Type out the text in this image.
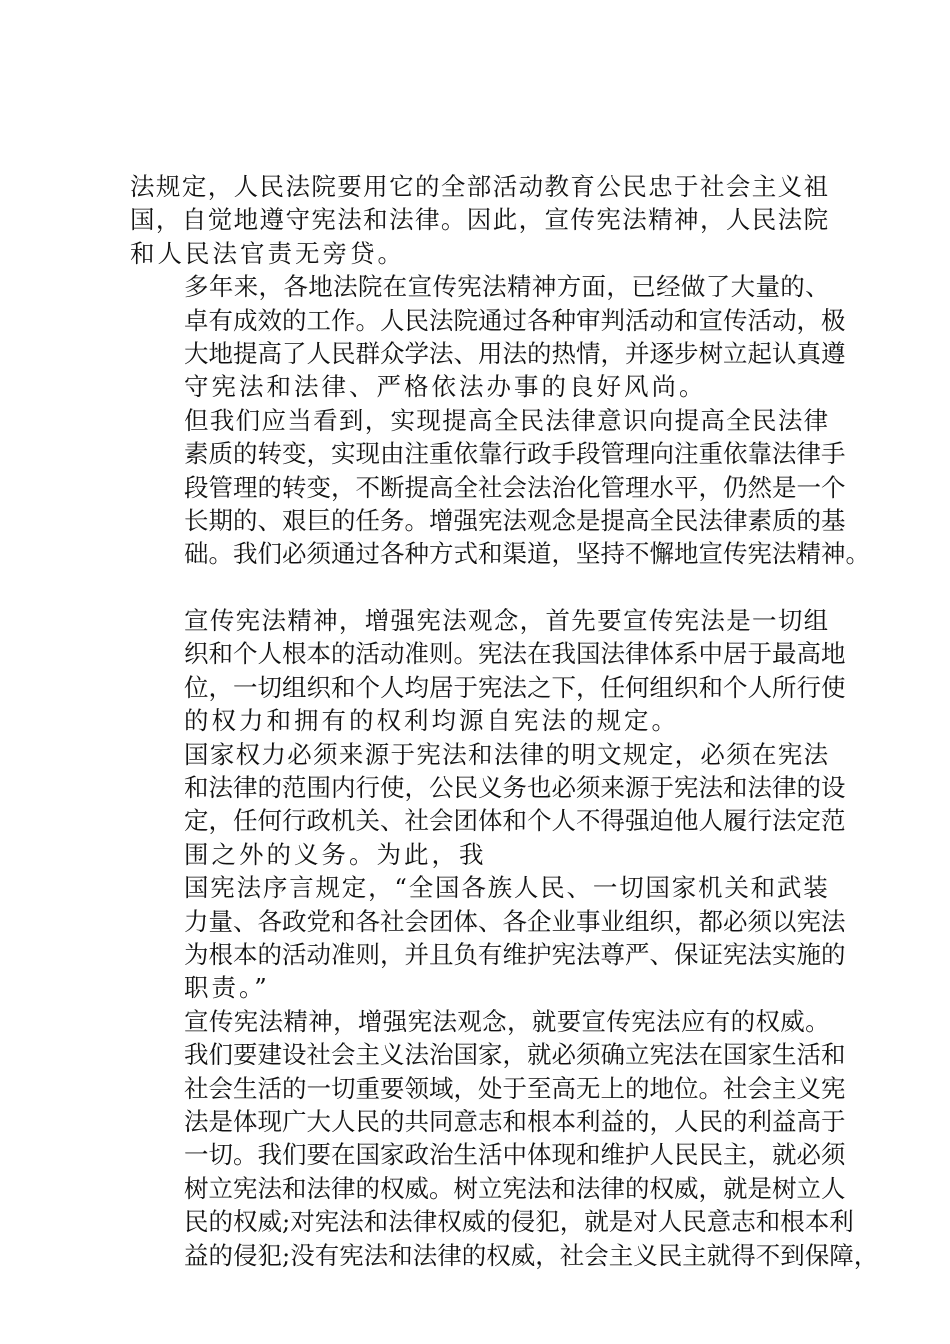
法规定，人民法院要用它的全部活动教育公民忠于社会主义祖
国，自觉地遵守宪法和法律。因此，宣传宪法精神，人民法院
和人民法官责无旁贷。

多年来，各地法院在宣传宪法精神方面，已经做了大量的、
卓有成效的工作。人民法院通过各种审判活动和宣传活动，极
大地提高了人民群众学法、用法的热情，并逐步树立起认真遵
守宪法和法律、严格依法办事的良好风尚。

但我们应当看到，实现提高全民法律意识向提高全民法律
素质的转变，实现由注重依靠行政手段管理向注重依靠法律手
段管理的转变，不断提高全社会法治化管理水平，仍然是一个
长期的、艰巨的任务。增强宪法观念是提高全民法律素质的基
础。我们必须通过各种方式和渠道，坚持不懈地宣传宪法精神。

宣传宪法精神，增强宪法观念，首先要宣传宪法是一切组
织和个人根本的活动准则。宪法在我国法律体系中居于最高地
位，一切组织和个人均居于宪法之下，任何组织和个人所行使
的权力和拥有的权利均源自宪法的规定。

国家权力必须来源于宪法和法律的明文规定，必须在宪法
和法律的范围内行使，公民义务也必须来源于宪法和法律的设
定，任何行政机关、社会团体和个人不得强迫他人履行法定范
围之外的义务。为此，我

国宪法序言规定，“全国各族人民、一切国家机关和武装
力量、各政党和各社会团体、各企业事业组织，都必须以宪法
为根本的活动准则，并且负有维护宪法尊严、保证宪法实施的
职责。”

宣传宪法精神，增强宪法观念，就要宣传宪法应有的权威。
我们要建设社会主义法治国家，就必须确立宪法在国家生活和
社会生活的一切重要领域，处于至高无上的地位。社会主义宪
法是体现广大人民的共同意志和根本利益的，人民的利益高于
一切。我们要在国家政治生活中体现和维护人民民主，就必须
树立宪法和法律的权威。树立宪法和法律的权威，就是树立人
民的权威;对宪法和法律权威的侵犯，就是对人民意志和根本利
益的侵犯;没有宪法和法律的权威，社会主义民主就得不到保障，
